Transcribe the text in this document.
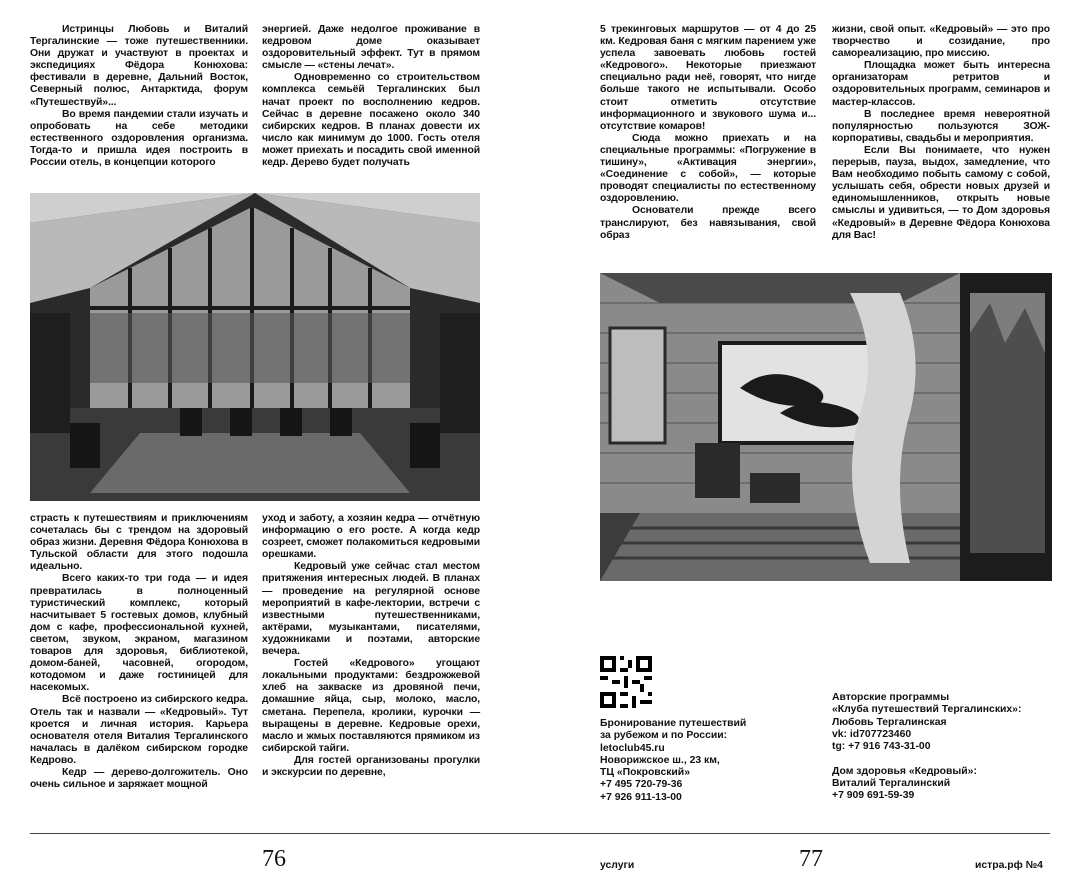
Истринцы Любовь и Виталий Тергалинские — тоже путешественники. Они дружат и участвуют в проектах и экспедициях Фёдора Конюхова: фестивали в деревне, Дальний Восток, Северный полюс, Антарктида, форум «Путешествуй»...

Во время пандемии стали изучать и опробовать на себе методики естественного оздоровления организма. Тогда-то и пришла идея построить в России отель, в концепции которого

энергией. Даже недолгое проживание в кедровом доме оказывает оздоровительный эффект. Тут в прямом смысле — «стены лечат».

Одновременно со строительством комплекса семьёй Тергалинских был начат проект по восполнению кедров. Сейчас в деревне посажено около 340 сибирских кедров. В планах довести их число как минимум до 1000. Гость отеля может приехать и посадить свой именной кедр. Дерево будет получать

страсть к путешествиям и приключениям сочеталась бы с трендом на здоровый образ жизни. Деревня Фёдора Конюхова в Тульской области для этого подошла идеально.

Всего каких-то три года — и идея превратилась в полноценный туристический комплекс, который насчитывает 5 гостевых домов, клубный дом с кафе, профессиональной кухней, светом, звуком, экраном, магазином товаров для здоровья, библиотекой, домом-баней, часовней, огородом, котодомом и даже гостиницей для насекомых.

Всё построено из сибирского кедра. Отель так и назвали — «Кедровый». Тут кроется и личная история. Карьера основателя отеля Виталия Тергалинского началась в далёком сибирском городке Кедрово.

Кедр — дерево-долгожитель. Оно очень сильное и заряжает мощной

уход и заботу, а хозяин кедра — отчётную информацию о его росте. А когда кедр созреет, сможет полакомиться кедровыми орешками.

Кедровый уже сейчас стал местом притяжения интересных людей. В планах — проведение на регулярной основе мероприятий в кафе-лектории, встречи с известными путешественниками, актёрами, музыкантами, писателями, художниками и поэтами, авторские вечера.

Гостей «Кедрового» угощают локальными продуктами: бездрожжевой хлеб на закваске из дровяной печи, домашние яйца, сыр, молоко, масло, сметана. Перепела, кролики, курочки — выращены в деревне. Кедровые орехи, масло и жмых поставляются прямиком из сибирской тайги.

Для гостей организованы прогулки и экскурсии по деревне,

5 трекинговых маршрутов — от 4 до 25 км. Кедровая баня с мягким парением уже успела завоевать любовь гостей «Кедрового». Некоторые приезжают специально ради неё, говорят, что нигде больше такого не испытывали. Особо стоит отметить отсутствие информационного и звукового шума и... отсутствие комаров!

Сюда можно приехать и на специальные программы: «Погружение в тишину», «Активация энергии», «Соединение с собой», — которые проводят специалисты по естественному оздоровлению.

Основатели прежде всего транслируют, без навязывания, свой образ

жизни, свой опыт. «Кедровый» — это про творчество и созидание, про самореализацию, про миссию.

Площадка может быть интересна организаторам ретритов и оздоровительных программ, семинаров и мастер-классов.

В последнее время невероятной популярностью пользуются ЗОЖ-корпоративы, свадьбы и мероприятия.

Если Вы понимаете, что нужен перерыв, пауза, выдох, замедление, что Вам необходимо побыть самому с собой, услышать себя, обрести новых друзей и единомышленников, открыть новые смыслы и удивиться, — то Дом здоровья «Кедровый» в Деревне Фёдора Конюхова для Вас!

Бронирование путешествий
за рубежом и по России:
letoclub45.ru
Новорижское ш., 23 км,
ТЦ «Покровский»
+7 495 720-79-36
+7 926 911-13-00
Авторские программы
«Клуба путешествий Тергалинских»:
Любовь Тергалинская
vk: id707723460
tg: +7 916 743-31-00
Дом здоровья «Кедровый»:
Виталий Тергалинский
+7 909 691-59-39
76	услуги	77	истра.рф №4
